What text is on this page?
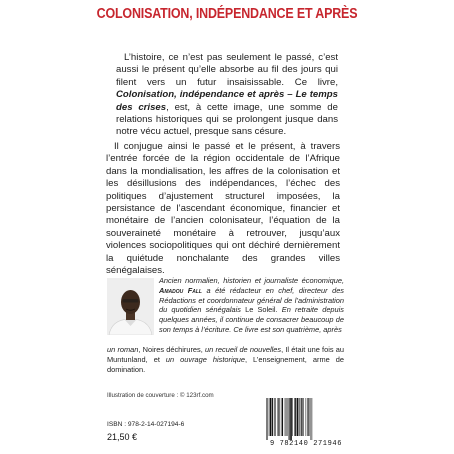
COLONISATION, INDÉPENDANCE ET APRÈS

L’histoire, ce n’est pas seulement le passé, c’est aussi le présent qu’elle absorbe au fil des jours qui filent vers un futur insaisissable. Ce livre, Colonisation, indépendance et après – Le temps des crises, est, à cette image, une somme de relations historiques qui se prolongent jusque dans notre vécu actuel, presque sans césure.

Il conjugue ainsi le passé et le présent, à travers l’entrée forcée de la région occidentale de l’Afrique dans la mondialisation, les affres de la colonisation et les désillusions des indépendances, l’échec des politiques d’ajustement structurel imposées, la persistance de l’ascendant économique, financier et monétaire de l’ancien colonisateur, l’équation de la souveraineté monétaire à retrouver, jusqu’aux violences sociopolitiques qui ont déchiré dernièrement la quiétude nonchalante des grandes villes sénégalaises.

Ancien normalien, historien et journaliste économique, Amadou Fall a été rédacteur en chef, directeur des Rédactions et coordonnateur général de l’administration du quotidien sénégalais Le Soleil. En retraite depuis quelques années, il continue de consacrer beaucoup de son temps à l’écriture. Ce livre est son quatrième, après

un roman, Noires déchirures, un recueil de nouvelles, Il était une fois au Muntunland, et un ouvrage historique, L’enseignement, arme de domination.

Illustration de couverture : © 123rf.com
ISBN : 978-2-14-027194-6
21,50 €
9 782140 271946
